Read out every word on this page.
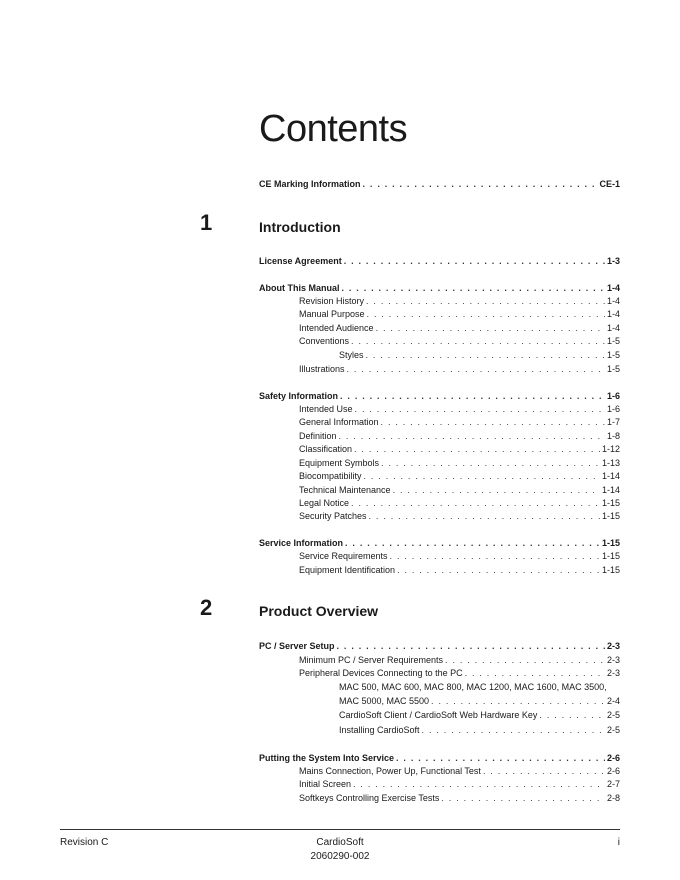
Contents
CE Marking Information . . .	CE-1
1	Introduction
License Agreement . . .	1-3
About This Manual . . .	1-4
Revision History . . .	1-4
Manual Purpose . . .	1-4
Intended Audience . . .	1-4
Conventions . . .	1-5
Styles . . .	1-5
Illustrations . . .	1-5
Safety Information . . .	1-6
Intended Use . . .	1-6
General Information . . .	1-7
Definition . . .	1-8
Classification . . .	1-12
Equipment Symbols . . .	1-13
Biocompatibility . . .	1-14
Technical Maintenance . . .	1-14
Legal Notice . . .	1-15
Security Patches . . .	1-15
Service Information . . .	1-15
Service Requirements . . .	1-15
Equipment Identification . . .	1-15
2	Product Overview
PC / Server Setup . . .	2-3
Minimum PC / Server Requirements . . .	2-3
Peripheral Devices Connecting to the PC . . .	2-3
MAC 500, MAC 600, MAC 800, MAC 1200, MAC 1600, MAC 3500,
MAC 5000, MAC 5500 . . .	2-4
CardioSoft Client / CardioSoft Web Hardware Key . . .	2-5
Installing CardioSoft . . .	2-5
Putting the System Into Service . . .	2-6
Mains Connection, Power Up, Functional Test . . .	2-6
Initial Screen . . .	2-7
Softkeys Controlling Exercise Tests . . .	2-8
Revision C	CardioSoft
2060290-002
i
